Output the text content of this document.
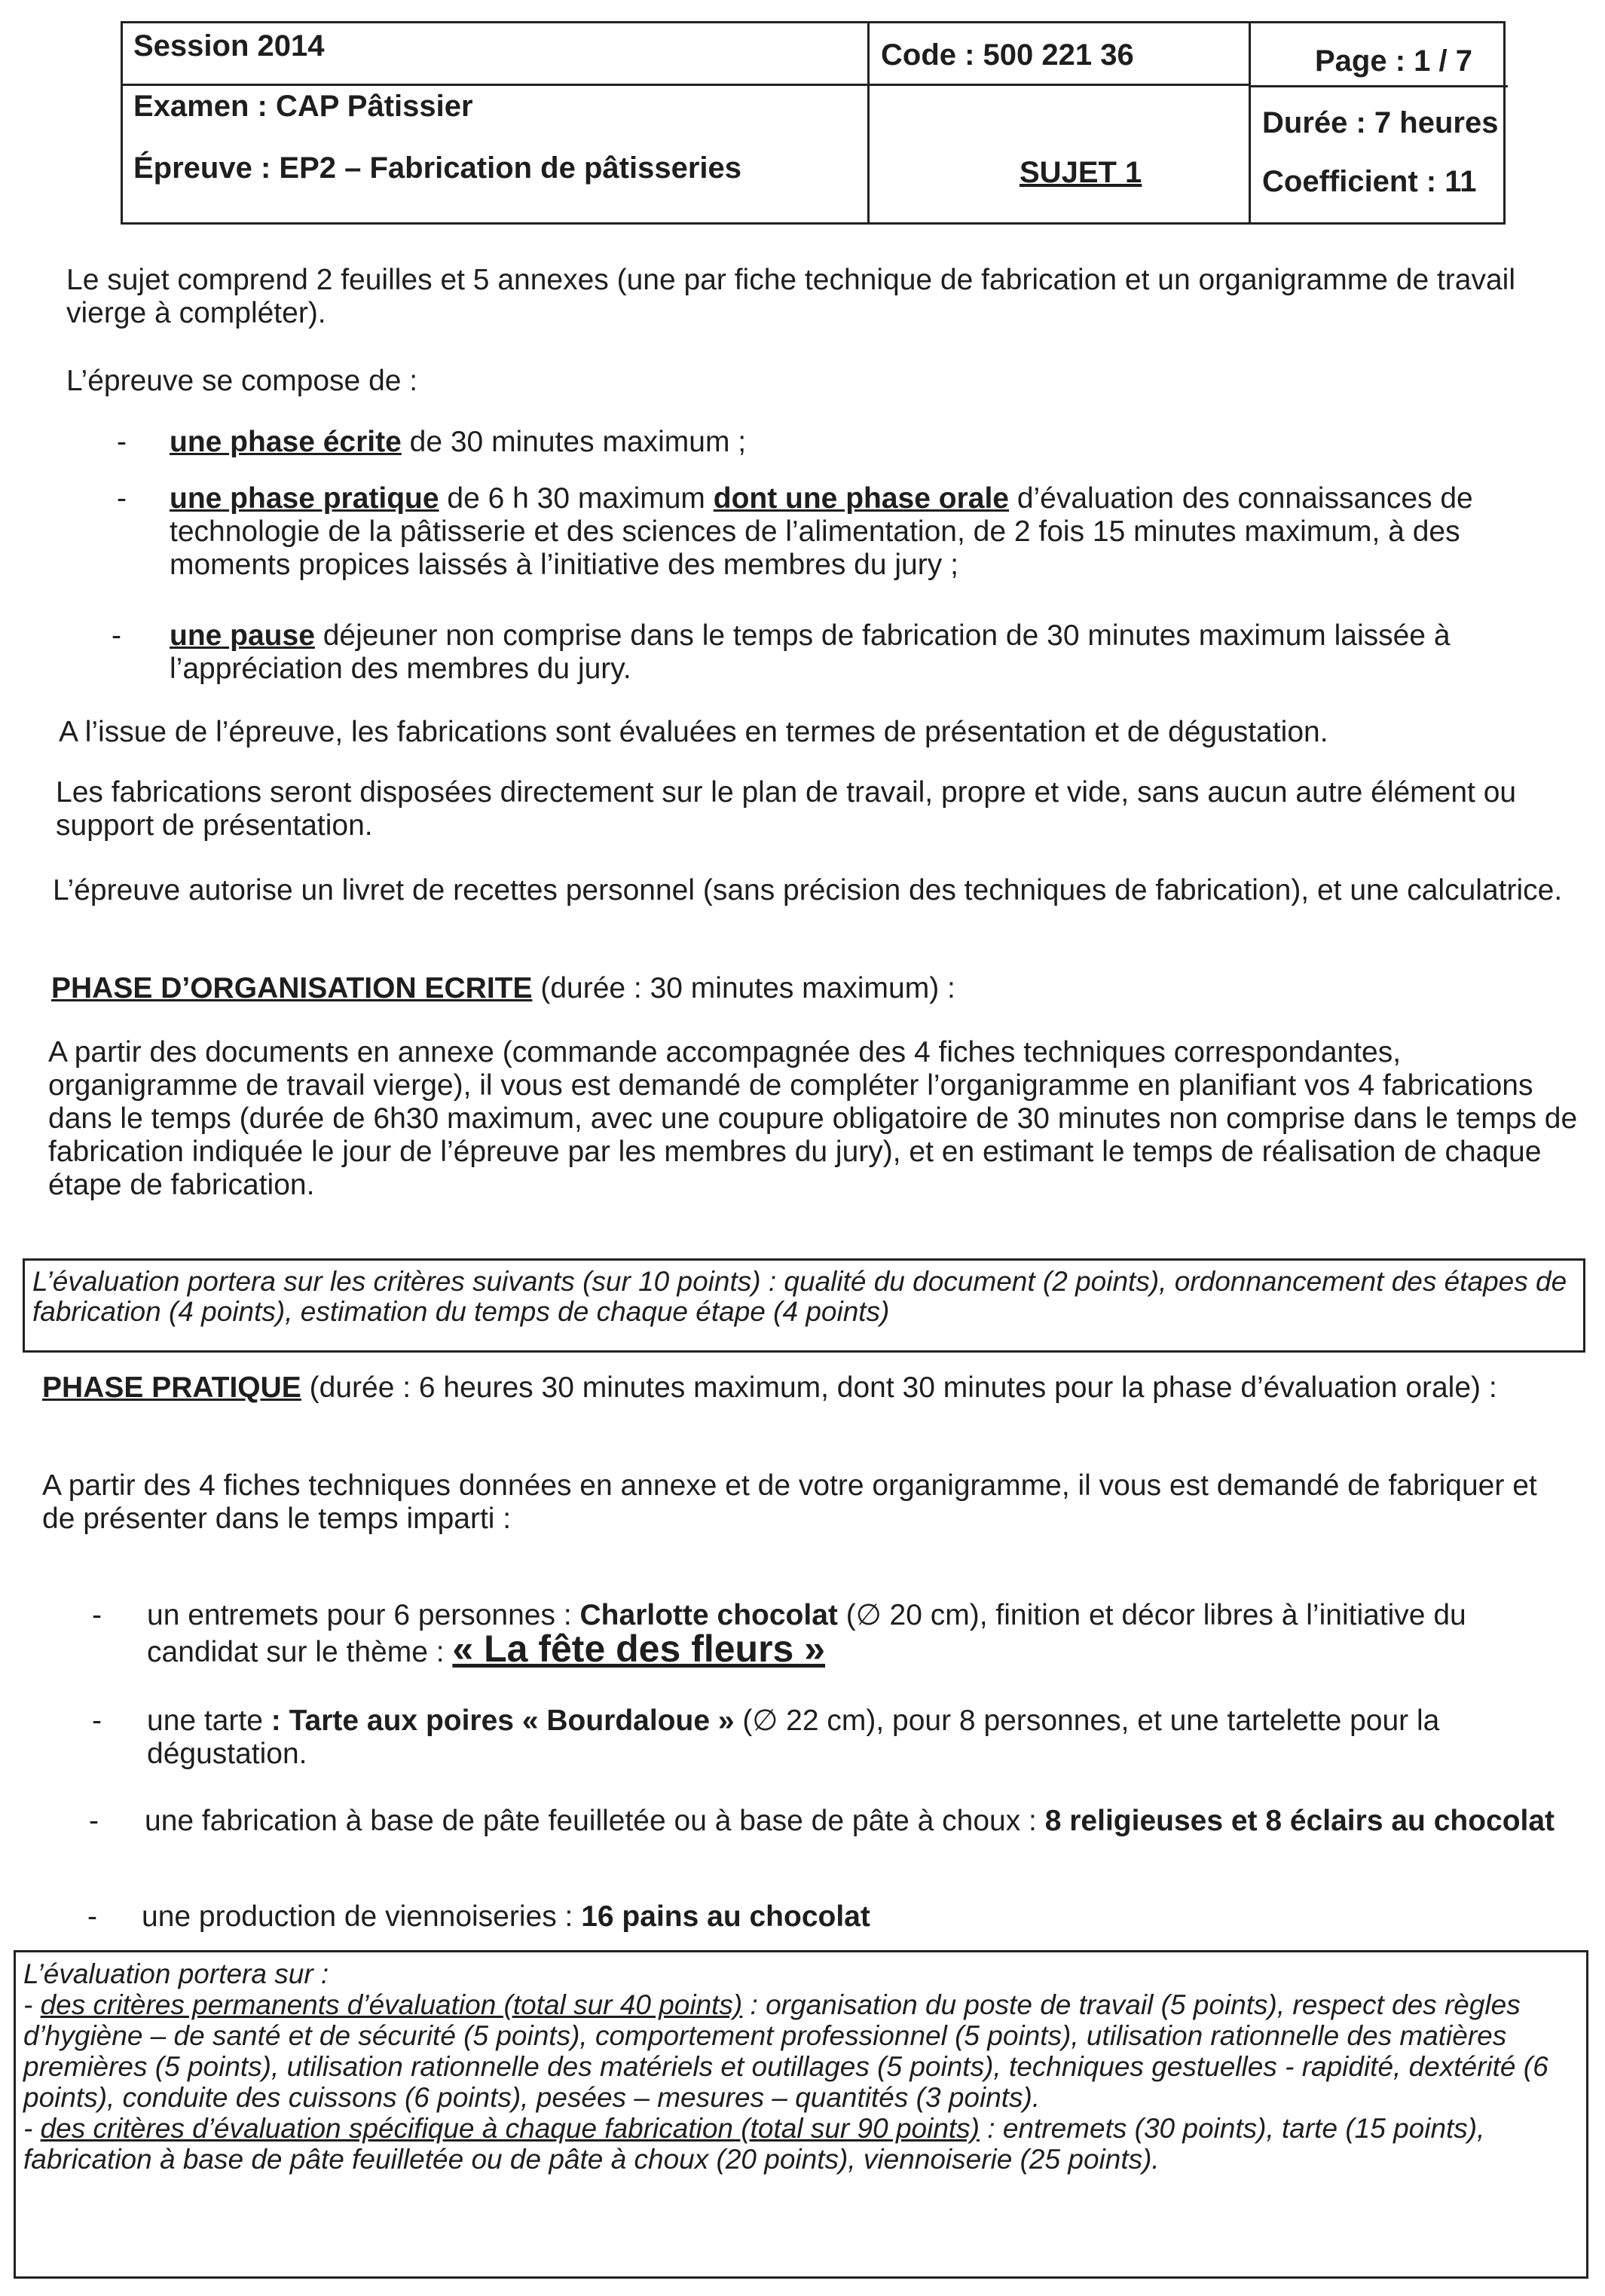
Session 2014	Code : 500 221 36	Page : 1 / 7
Examen : CAP Pâtissier
Épreuve : EP2 – Fabrication de pâtisseries	SUJET 1
Durée : 7 heures
Coefficient : 11
Le sujet comprend 2 feuilles et 5 annexes (une par fiche technique de fabrication et un organigramme de travail vierge à compléter).
L’épreuve se compose de :
- une phase écrite de 30 minutes maximum ;
- une phase pratique de 6 h 30 maximum dont une phase orale d’évaluation des connaissances de technologie de la pâtisserie et des sciences de l’alimentation, de 2 fois 15 minutes maximum, à des moments propices laissés à l’initiative des membres du jury ;
- une pause déjeuner non comprise dans le temps de fabrication de 30 minutes maximum laissée à l’appréciation des membres du jury.
A l’issue de l’épreuve, les fabrications sont évaluées en termes de présentation et de dégustation.
Les fabrications seront disposées directement sur le plan de travail, propre et vide, sans aucun autre élément ou support de présentation.
L’épreuve autorise un livret de recettes personnel (sans précision des techniques de fabrication), et une calculatrice.
PHASE D’ORGANISATION ECRITE (durée : 30 minutes maximum) :
A partir des documents en annexe (commande accompagnée des 4 fiches techniques correspondantes, organigramme de travail vierge), il vous est demandé de compléter l’organigramme en planifiant vos 4 fabrications dans le temps (durée de 6h30 maximum, avec une coupure obligatoire de 30 minutes non comprise dans le temps de fabrication indiquée le jour de l’épreuve par les membres du jury), et en estimant le temps de réalisation de chaque étape de fabrication.
L’évaluation portera sur les critères suivants (sur 10 points) : qualité du document (2 points), ordonnancement des étapes de fabrication (4 points), estimation du temps de chaque étape (4 points)
PHASE PRATIQUE (durée : 6 heures 30 minutes maximum, dont 30 minutes pour la phase d’évaluation orale) :
A partir des 4 fiches techniques données en annexe et de votre organigramme, il vous est demandé de fabriquer et de présenter dans le temps imparti :
- un entremets pour 6 personnes : Charlotte chocolat (∅ 20 cm), finition et décor libres à l’initiative du candidat sur le thème : « La fête des fleurs »
- une tarte : Tarte aux poires « Bourdaloue » (∅ 22 cm), pour 8 personnes, et une tartelette pour la dégustation.
- une fabrication à base de pâte feuilletée ou à base de pâte à choux : 8 religieuses et 8 éclairs au chocolat
- une production de viennoiseries : 16 pains au chocolat
L’évaluation portera sur :
- des critères permanents d’évaluation (total sur 40 points) : organisation du poste de travail (5 points), respect des règles d’hygiène – de santé et de sécurité (5 points), comportement professionnel (5 points), utilisation rationnelle des matières premières (5 points), utilisation rationnelle des matériels et outillages (5 points), techniques gestuelles - rapidité, dextérité (6 points), conduite des cuissons (6 points), pesées – mesures – quantités (3 points).
- des critères d’évaluation spécifique à chaque fabrication (total sur 90 points) : entremets (30 points), tarte (15 points), fabrication à base de pâte feuilletée ou de pâte à choux (20 points), viennoiserie (25 points).
